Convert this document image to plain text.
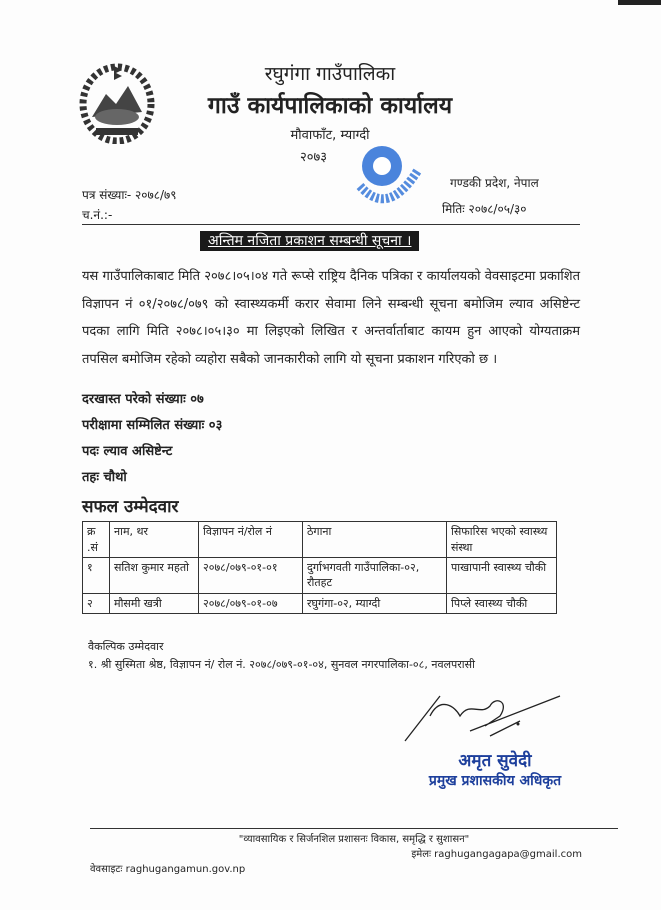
रघुगंगा गाउँपालिका
गाउँ कार्यपालिकाको कार्यालय
मौवाफाँट, म्याग्दी
२०७३
गण्डकी प्रदेश, नेपाल
पत्र संख्याः- २०७८/७९
मितिः २०७८/०५/३०
च.नं.:-
अन्तिम नजिता प्रकाशन सम्बन्धी सूचना ।
यस गाउँपालिकाबाट मिति २०७८।०५।०४ गते रूप्से राष्ट्रिय दैनिक पत्रिका र कार्यालयको वेवसाइटमा प्रकाशित विज्ञापन नं ०१/२०७८/०७९ को स्वास्थ्यकर्मी करार सेवामा लिने सम्बन्धी सूचना बमोजिम ल्याव असिष्टेन्ट पदका लागि मिति २०७८।०५।३० मा लिइएको लिखित र अन्तर्वार्ताबाट कायम हुन आएको योग्यताक्रम तपसिल बमोजिम रहेको व्यहोरा सबैको जानकारीको लागि यो सूचना प्रकाशन गरिएको छ ।
दरखास्त परेको संख्याः ०७
परीक्षामा सम्मिलित संख्याः ०३
पदः ल्याव असिष्टेन्ट
तहः चौथो
सफल उम्मेदवार
क्र .सं	नाम, थर	विज्ञापन नं/रोल नं	ठेगाना	सिफारिस भएको स्वास्थ्य संस्था
१	सतिश कुमार महतो	२०७८/०७९-०१-०१	दुर्गाभगवती गाउँपालिका-०२, रौतहट	पाखापानी स्वास्थ्य चौकी
२	मौसमी खत्री	२०७८/०७९-०१-०७	रघुगंगा-०२, म्याग्दी	पिप्ले स्वास्थ्य चौकी
वैकल्पिक उम्मेदवार
१. श्री सुस्मिता श्रेष्ठ, विज्ञापन नं/ रोल नं. २०७८/०७९-०१-०४, सुनवल नगरपालिका-०८, नवलपरासी
अमृत सुवेदी
प्रमुख प्रशासकीय अधिकृत
"व्यावसायिक र सिर्जनशिल प्रशासनः विकास, समृद्धि र सुशासन"
इमेलः raghugangagapa@gmail.com
वेवसाइटः raghugangamun.gov.np
